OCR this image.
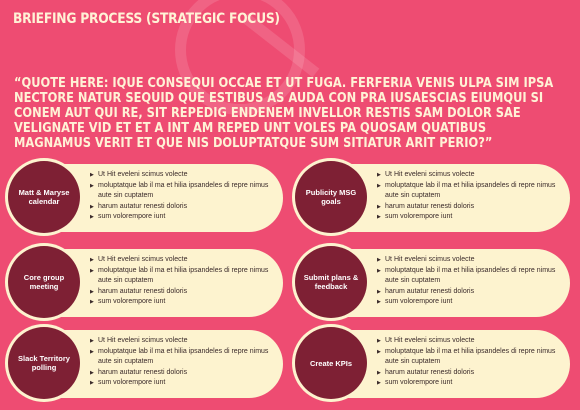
BRIEFING PROCESS (STRATEGIC FOCUS)
“QUOTE HERE: IQUE CONSEQUI OCCAE ET UT FUGA. FERFERIA VENIS ULPA SIM IPSA NECTORE NATUR SEQUID QUE ESTIBUS AS AUDA CON PRA IUSAESCIAS EIUMQUI SI CONEM AUT QUI RE, SIT REPEDIG ENDENEM INVELLOR RESTIS SAM DOLOR SAE VELIGNATE VID ET ET A INT AM REPED UNT VOLES PA QUOSAM QUATIBUS MAGNAMUS VERIT ET QUE NIS DOLUPTATQUE SUM SITIATUR ARIT PERIO?”
Matt & Maryse calendar
▶ Ut Hit eveleni scimus volecte
▶ moluptatque lab il ma et hilia ipsandeles di repre nimus aute sin cuptatem
▶ harum autatur renesti doloris
▶ sum volorempore iunt
Publicity MSG goals
▶ Ut Hit eveleni scimus volecte
▶ moluptatque lab il ma et hilia ipsandeles di repre nimus aute sin cuptatem
▶ harum autatur renesti doloris
▶ sum volorempore iunt
Core group meeting
▶ Ut Hit eveleni scimus volecte
▶ moluptatque lab il ma et hilia ipsandeles di repre nimus aute sin cuptatem
▶ harum autatur renesti doloris
▶ sum volorempore iunt
Submit plans & feedback
▶ Ut Hit eveleni scimus volecte
▶ moluptatque lab il ma et hilia ipsandeles di repre nimus aute sin cuptatem
▶ harum autatur renesti doloris
▶ sum volorempore iunt
Slack Territory polling
▶ Ut Hit eveleni scimus volecte
▶ moluptatque lab il ma et hilia ipsandeles di repre nimus aute sin cuptatem
▶ harum autatur renesti doloris
▶ sum volorempore iunt
Create KPIs
▶ Ut Hit eveleni scimus volecte
▶ moluptatque lab il ma et hilia ipsandeles di repre nimus aute sin cuptatem
▶ harum autatur renesti doloris
▶ sum volorempore iunt
